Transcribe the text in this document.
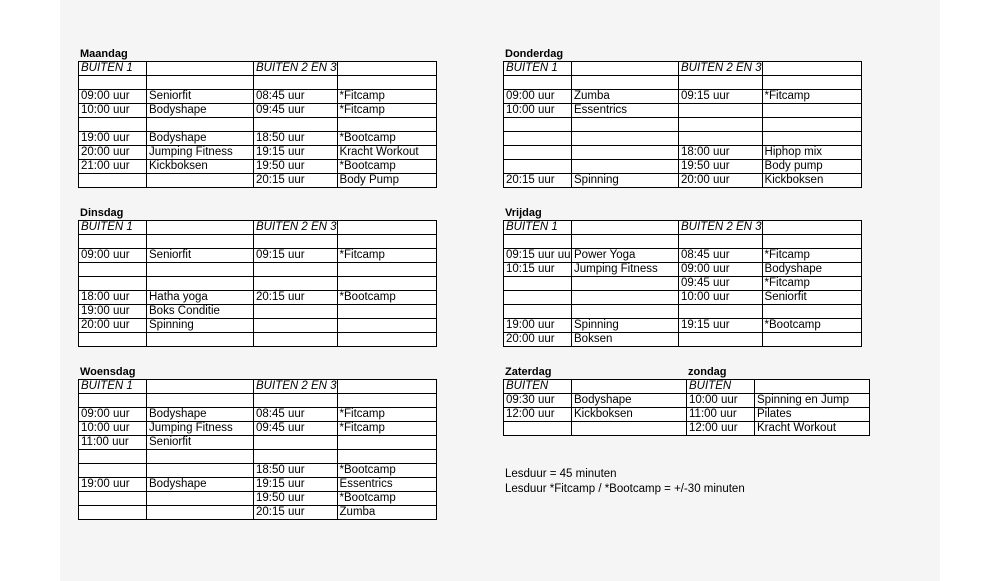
Maandag
BUITEN 1		BUITEN 2 EN 3	

09:00 uur	Seniorfit	08:45 uur	*Fitcamp
10:00 uur	Bodyshape	09:45 uur	*Fitcamp

19:00 uur	Bodyshape	18:50 uur	*Bootcamp
20:00 uur	Jumping Fitness	19:15 uur	Kracht Workout
21:00 uur	Kickboksen	19:50 uur	*Bootcamp
		20:15 uur	Body Pump
Dinsdag
BUITEN 1		BUITEN 2 EN 3	

09:00 uur	Seniorfit	09:15 uur	*Fitcamp

18:00 uur	Hatha yoga	20:15 uur	*Bootcamp
19:00 uur	Boks Conditie		
20:00 uur	Spinning		

Woensdag
BUITEN 1		BUITEN 2 EN 3	

09:00 uur	Bodyshape	08:45 uur	*Fitcamp
10:00 uur	Jumping Fitness	09:45 uur	*Fitcamp
11:00 uur	Seniorfit		

		18:50 uur	*Bootcamp
19:00 uur	Bodyshape	19:15 uur	Essentrics
		19:50 uur	*Bootcamp
		20:15 uur	Zumba
Donderdag
BUITEN 1		BUITEN 2 EN 3	

09:00 uur	Zumba	09:15 uur	*Fitcamp
10:00 uur	Essentrics		

		18:00 uur	Hiphop mix
		19:50 uur	Body pump
20:15 uur	Spinning	20:00 uur	Kickboksen
Vrijdag
BUITEN 1		BUITEN 2 EN 3	

09:15 uur uu	Power Yoga	08:45 uur	*Fitcamp
10:15 uur	Jumping Fitness	09:00 uur	Bodyshape
		09:45 uur	*Fitcamp
		10:00 uur	Seniorfit

19:00 uur	Spinning	19:15 uur	*Bootcamp
20:00 uur	Boksen		
Zaterdag
BUITEN	
09:30 uur	Bodyshape
12:00 uur	Kickboksen

zondag
BUITEN	
10:00 uur	Spinning en Jump
11:00 uur	Pilates
12:00 uur	Kracht Workout
Lesduur = 45 minuten
Lesduur *Fitcamp / *Bootcamp = +/-30 minuten
